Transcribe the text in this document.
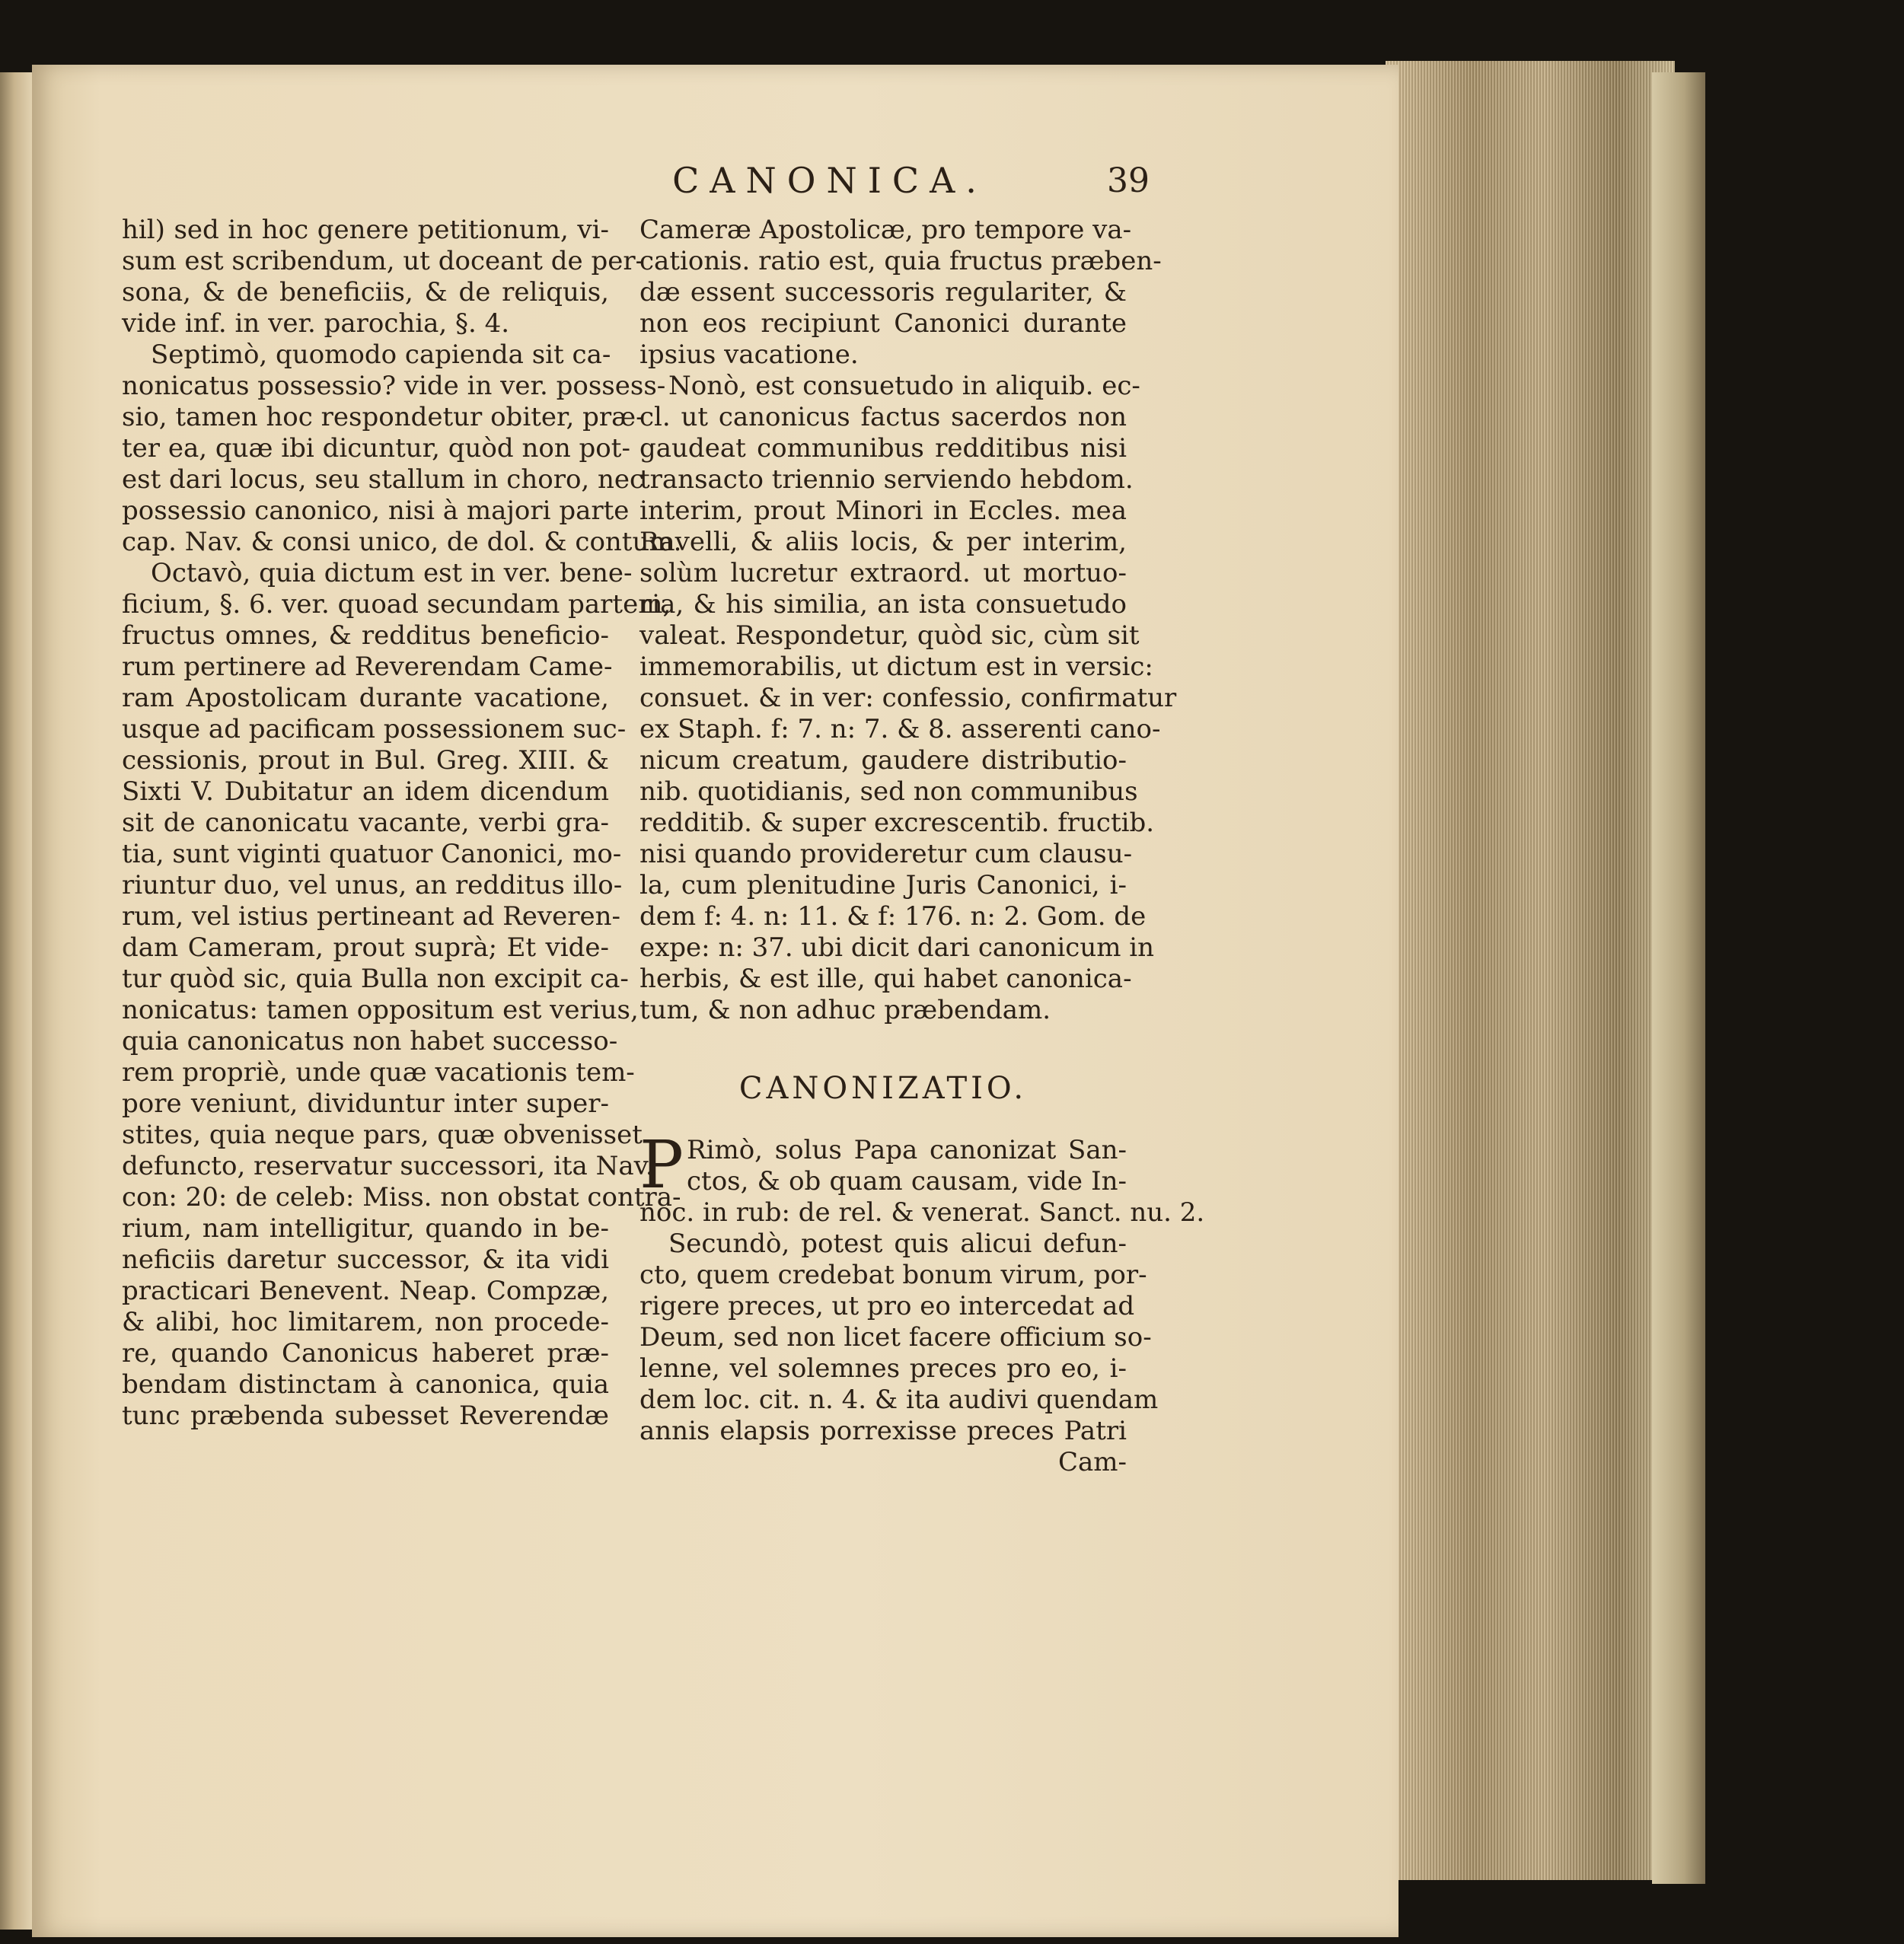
CANONICA.	39
hil) sed in hoc genere petitionum, vi-
sum est scribendum, ut doceant de per-
sona, & de beneficiis, & de reliquis,
vide inf. in ver. parochia, §. 4.
Septimò, quomodo capienda sit ca-
nonicatus possessio? vide in ver. possess-
sio, tamen hoc respondetur obiter, præ-
ter ea, quæ ibi dicuntur, quòd non pot-
est dari locus, seu stallum in choro, nec
possessio canonico, nisi à majori parte
cap. Nav. & consi unico, de dol. & contum.
Octavò, quia dictum est in ver. bene-
ficium, §. 6. ver. quoad secundam partem,
fructus omnes, & redditus beneficio-
rum pertinere ad Reverendam Came-
ram Apostolicam durante vacatione,
usque ad pacificam possessionem suc-
cessionis, prout in Bul. Greg. XIII. &
Sixti V. Dubitatur an idem dicendum
sit de canonicatu vacante, verbi gra-
tia, sunt viginti quatuor Canonici, mo-
riuntur duo, vel unus, an redditus illo-
rum, vel istius pertineant ad Reveren-
dam Cameram, prout suprà; Et vide-
tur quòd sic, quia Bulla non excipit ca-
nonicatus: tamen oppositum est verius,
quia canonicatus non habet successo-
rem propriè, unde quæ vacationis tem-
pore veniunt, dividuntur inter super-
stites, quia neque pars, quæ obvenisset
defuncto, reservatur successori, ita Nav.
con: 20: de celeb: Miss. non obstat contra-
rium, nam intelligitur, quando in be-
neficiis daretur successor, & ita vidi
practicari Benevent. Neap. Compzæ,
& alibi, hoc limitarem, non procede-
re, quando Canonicus haberet præ-
bendam distinctam à canonica, quia
tunc præbenda subesset Reverendæ
Cameræ Apostolicæ, pro tempore va-
cationis. ratio est, quia fructus præben-
dæ essent successoris regulariter, &
non eos recipiunt Canonici durante
ipsius vacatione.
Nonò, est consuetudo in aliquib. ec-
cl. ut canonicus factus sacerdos non
gaudeat communibus redditibus nisi
transacto triennio serviendo hebdom.
interim, prout Minori in Eccles. mea
Ravelli, & aliis locis, & per interim,
solùm lucretur extraord. ut mortuo-
ria, & his similia, an ista consuetudo
valeat. Respondetur, quòd sic, cùm sit
immemorabilis, ut dictum est in versic:
consuet. & in ver: confessio, confirmatur
ex Staph. f: 7. n: 7. & 8. asserenti cano-
nicum creatum, gaudere distributio-
nib. quotidianis, sed non communibus
redditib. & super excrescentib. fructib.
nisi quando provideretur cum clausu-
la, cum plenitudine Juris Canonici, i-
dem f: 4. n: 11. & f: 176. n: 2. Gom. de
expe: n: 37. ubi dicit dari canonicum in
herbis, & est ille, qui habet canonica-
tum, & non adhuc præbendam.
CANONIZATIO.
P Rimò, solus Papa canonizat San-
ctos, & ob quam causam, vide In-
noc. in rub: de rel. & venerat. Sanct. nu. 2.
Secundò, potest quis alicui defun-
cto, quem credebat bonum virum, por-
rigere preces, ut pro eo intercedat ad
Deum, sed non licet facere officium so-
lenne, vel solemnes preces pro eo, i-
dem loc. cit. n. 4. & ita audivi quendam
annis elapsis porrexisse preces Patri
Cam-
